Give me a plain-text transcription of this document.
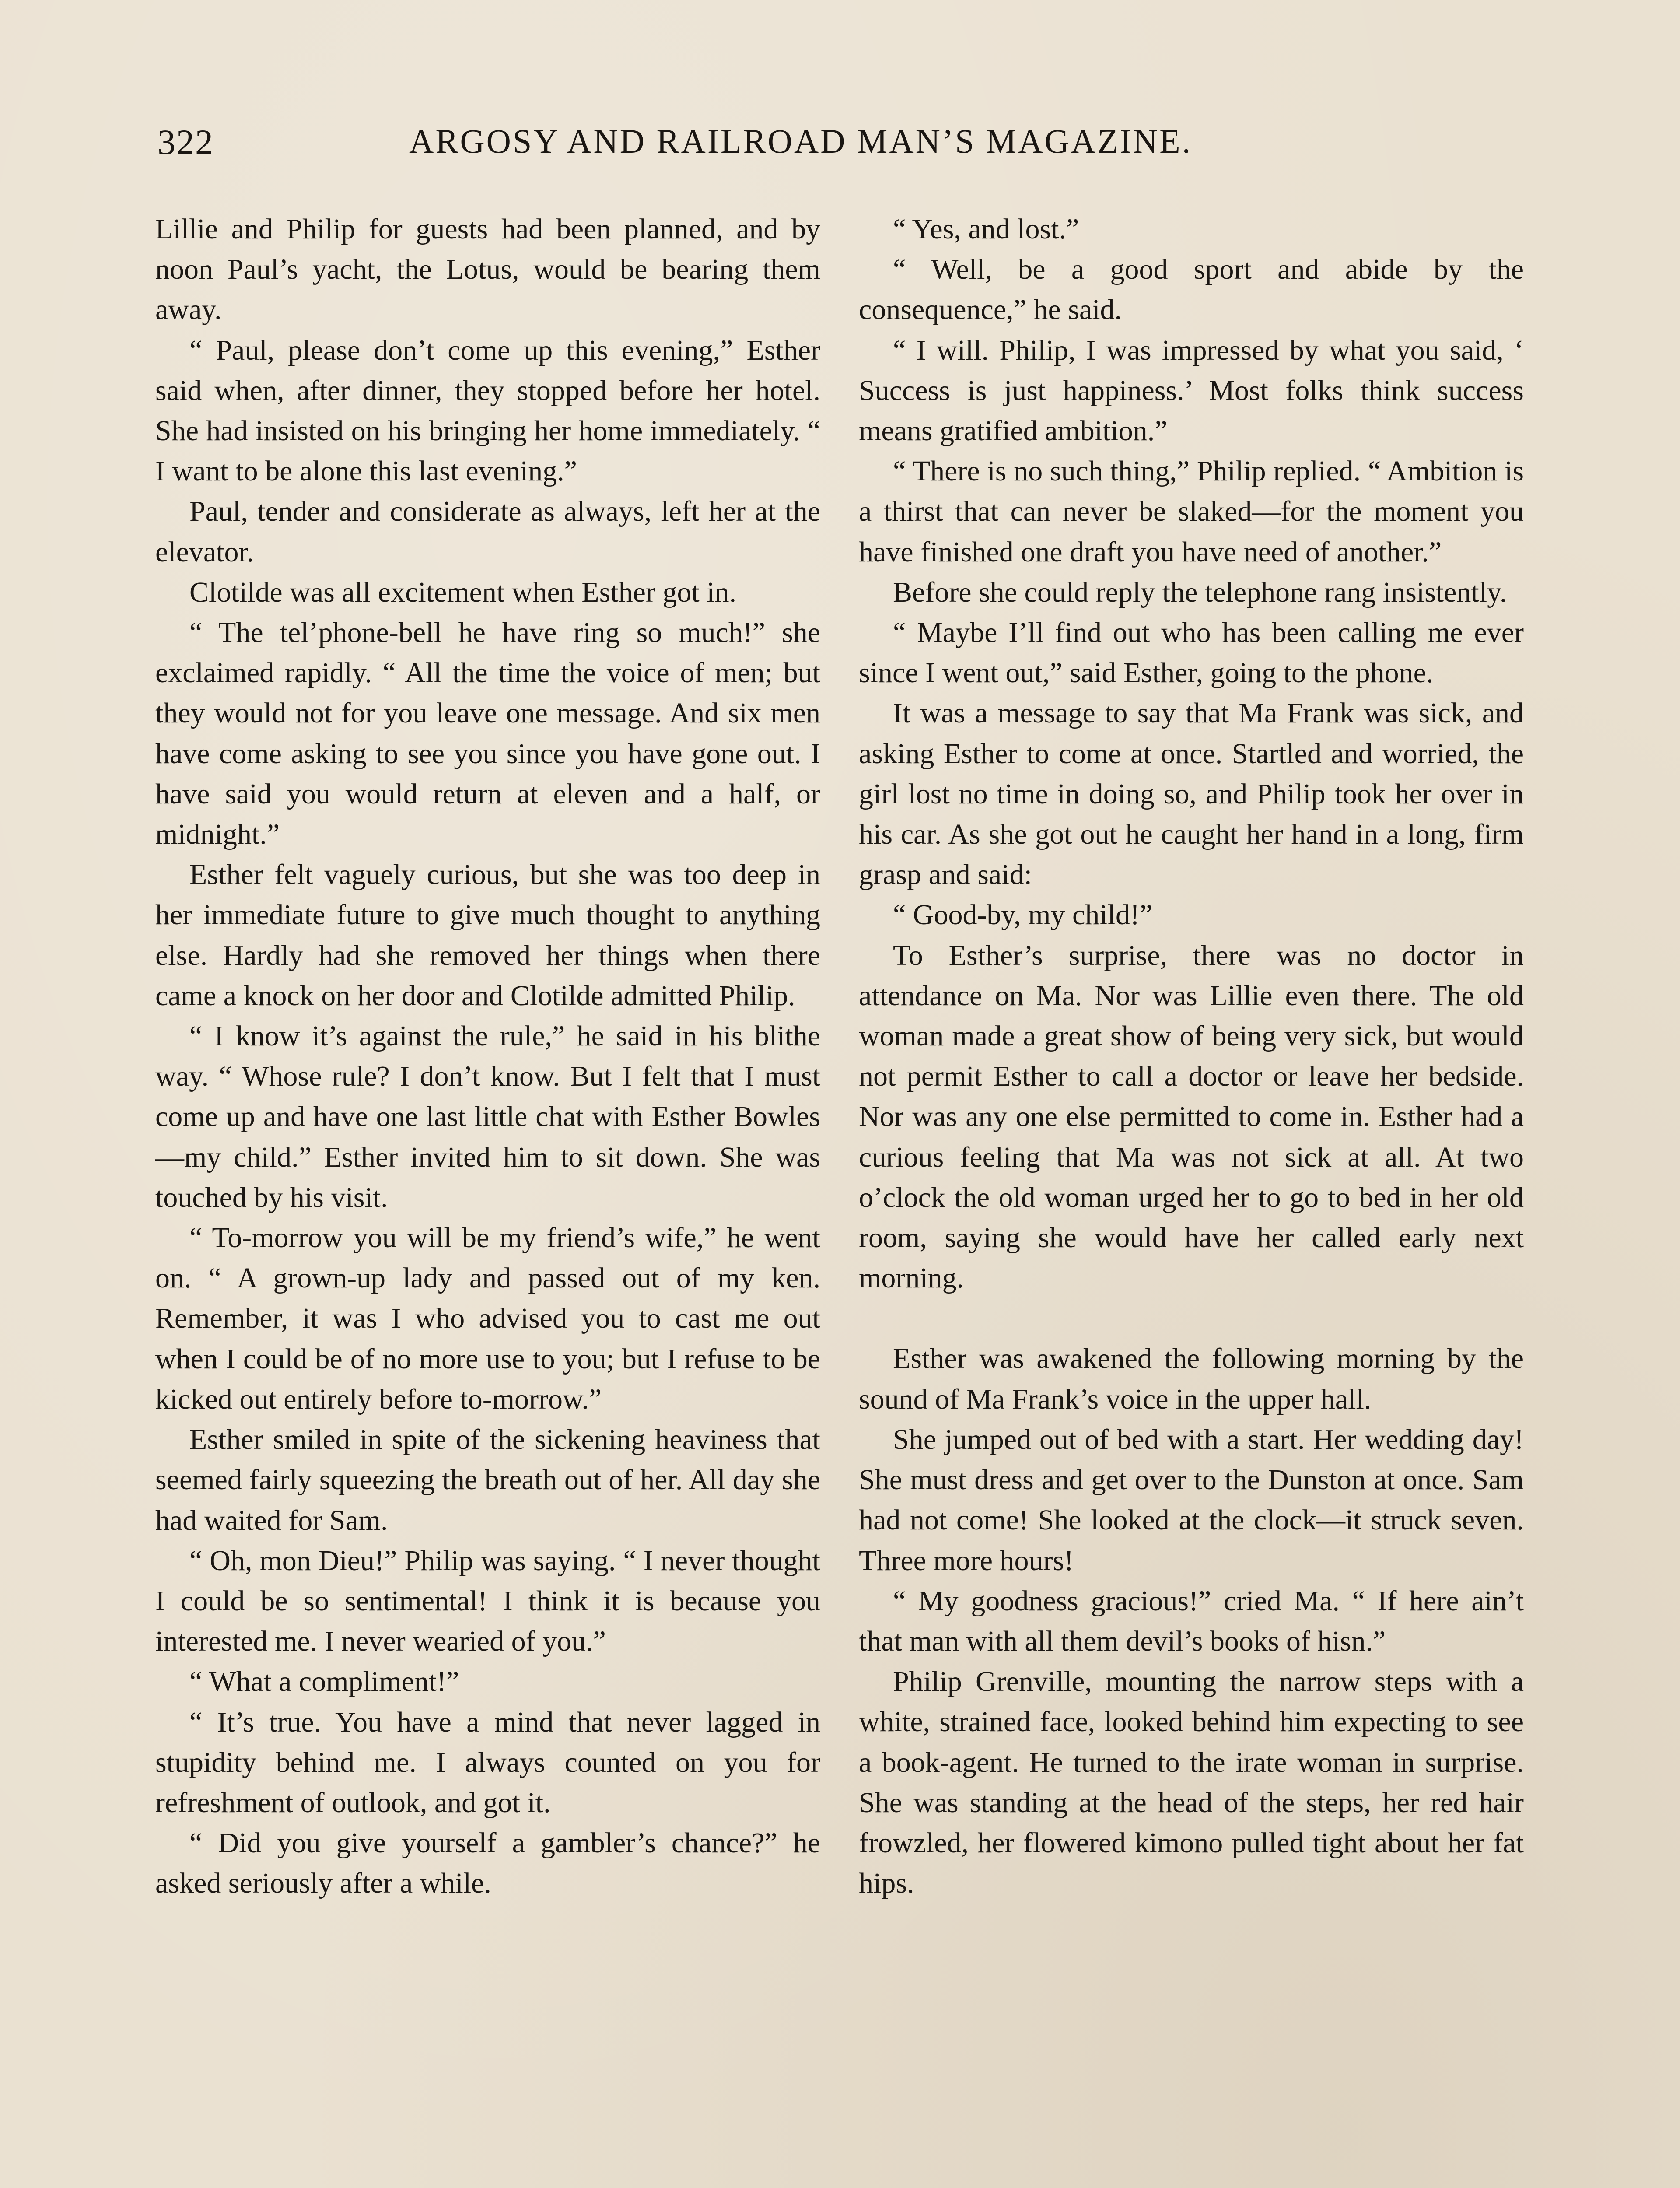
322	ARGOSY AND RAILROAD MAN’S MAGAZINE.

Lillie and Philip for guests had been planned, and by noon Paul’s yacht, the Lotus, would be bearing them away.

“ Paul, please don’t come up this evening,” Esther said when, after dinner, they stopped before her hotel. She had insisted on his bringing her home immediately. “ I want to be alone this last evening.”

Paul, tender and considerate as always, left her at the elevator.

Clotilde was all excitement when Esther got in.

“ The tel’phone-bell he have ring so much!” she exclaimed rapidly. “ All the time the voice of men; but they would not for you leave one message. And six men have come asking to see you since you have gone out. I have said you would return at eleven and a half, or midnight.”

Esther felt vaguely curious, but she was too deep in her immediate future to give much thought to anything else. Hardly had she removed her things when there came a knock on her door and Clotilde admitted Philip.

“ I know it’s against the rule,” he said in his blithe way. “ Whose rule? I don’t know. But I felt that I must come up and have one last little chat with Esther Bowles —my child.” Esther invited him to sit down. She was touched by his visit.

“ To-morrow you will be my friend’s wife,” he went on. “ A grown-up lady and passed out of my ken. Remember, it was I who advised you to cast me out when I could be of no more use to you; but I refuse to be kicked out entirely before to-morrow.”

Esther smiled in spite of the sickening heaviness that seemed fairly squeezing the breath out of her. All day she had waited for Sam.

“ Oh, mon Dieu!” Philip was saying. “ I never thought I could be so sentimental! I think it is because you interested me. I never wearied of you.”

“ What a compliment!”

“ It’s true. You have a mind that never lagged in stupidity behind me. I always counted on you for refreshment of outlook, and got it.

“ Did you give yourself a gambler’s chance?” he asked seriously after a while.

“ Yes, and lost.”

“ Well, be a good sport and abide by the consequence,” he said.

“ I will. Philip, I was impressed by what you said, ‘ Success is just happiness.’ Most folks think success means gratified ambition.”

“ There is no such thing,” Philip replied. “ Ambition is a thirst that can never be slaked—for the moment you have finished one draft you have need of another.”

Before she could reply the telephone rang insistently.

“ Maybe I’ll find out who has been calling me ever since I went out,” said Esther, going to the phone.

It was a message to say that Ma Frank was sick, and asking Esther to come at once. Startled and worried, the girl lost no time in doing so, and Philip took her over in his car. As she got out he caught her hand in a long, firm grasp and said:

“ Good-by, my child!”

To Esther’s surprise, there was no doctor in attendance on Ma. Nor was Lillie even there. The old woman made a great show of being very sick, but would not permit Esther to call a doctor or leave her bedside. Nor was any one else permitted to come in. Esther had a curious feeling that Ma was not sick at all. At two o’clock the old woman urged her to go to bed in her old room, saying she would have her called early next morning.

Esther was awakened the following morning by the sound of Ma Frank’s voice in the upper hall.

She jumped out of bed with a start. Her wedding day! She must dress and get over to the Dunston at once. Sam had not come! She looked at the clock—it struck seven. Three more hours!

“ My goodness gracious!” cried Ma. “ If here ain’t that man with all them devil’s books of hisn.”

Philip Grenville, mounting the narrow steps with a white, strained face, looked behind him expecting to see a book-agent. He turned to the irate woman in surprise. She was standing at the head of the steps, her red hair frowzled, her flowered kimono pulled tight about her fat hips.
